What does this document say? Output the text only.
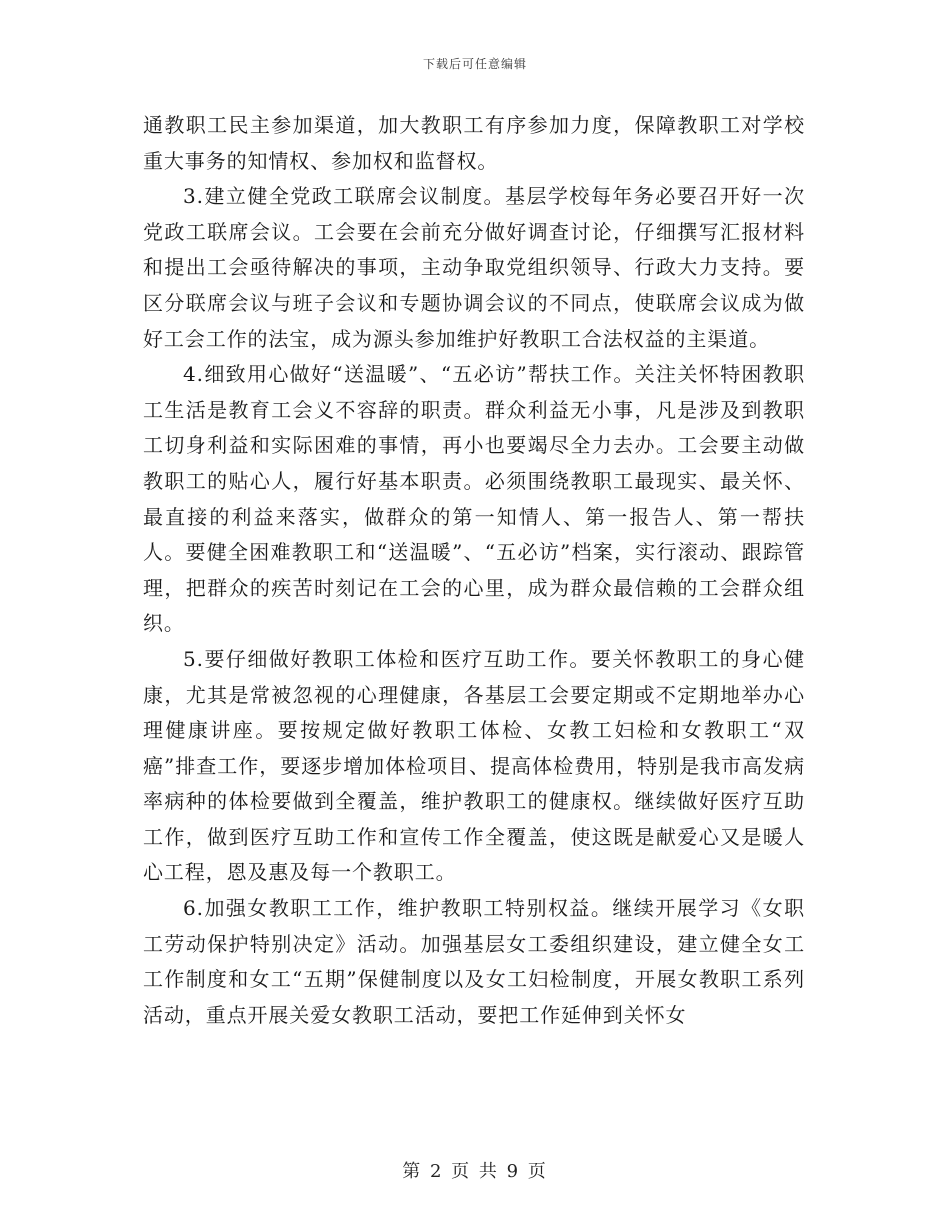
下载后可任意编辑

通教职工民主参加渠道，加大教职工有序参加力度，保障教职工对学校重大事务的知情权、参加权和监督权。

3.建立健全党政工联席会议制度。基层学校每年务必要召开好一次党政工联席会议。工会要在会前充分做好调查讨论，仔细撰写汇报材料和提出工会亟待解决的事项，主动争取党组织领导、行政大力支持。要区分联席会议与班子会议和专题协调会议的不同点，使联席会议成为做好工会工作的法宝，成为源头参加维护好教职工合法权益的主渠道。

4.细致用心做好“送温暖”、“五必访”帮扶工作。关注关怀特困教职工生活是教育工会义不容辞的职责。群众利益无小事，凡是涉及到教职工切身利益和实际困难的事情，再小也要竭尽全力去办。工会要主动做教职工的贴心人，履行好基本职责。必须围绕教职工最现实、最关怀、最直接的利益来落实，做群众的第一知情人、第一报告人、第一帮扶人。要健全困难教职工和“送温暖”、“五必访”档案，实行滚动、跟踪管理，把群众的疾苦时刻记在工会的心里，成为群众最信赖的工会群众组织。

5.要仔细做好教职工体检和医疗互助工作。要关怀教职工的身心健康，尤其是常被忽视的心理健康，各基层工会要定期或不定期地举办心理健康讲座。要按规定做好教职工体检、女教工妇检和女教职工“双癌”排查工作，要逐步增加体检项目、提高体检费用，特别是我市高发病率病种的体检要做到全覆盖，维护教职工的健康权。继续做好医疗互助工作，做到医疗互助工作和宣传工作全覆盖，使这既是献爱心又是暖人心工程，恩及惠及每一个教职工。

6.加强女教职工工作，维护教职工特别权益。继续开展学习《女职工劳动保护特别决定》活动。加强基层女工委组织建设，建立健全女工工作制度和女工“五期”保健制度以及女工妇检制度，开展女教职工系列活动，重点开展关爱女教职工活动，要把工作延伸到关怀女

第 2 页 共 9 页
